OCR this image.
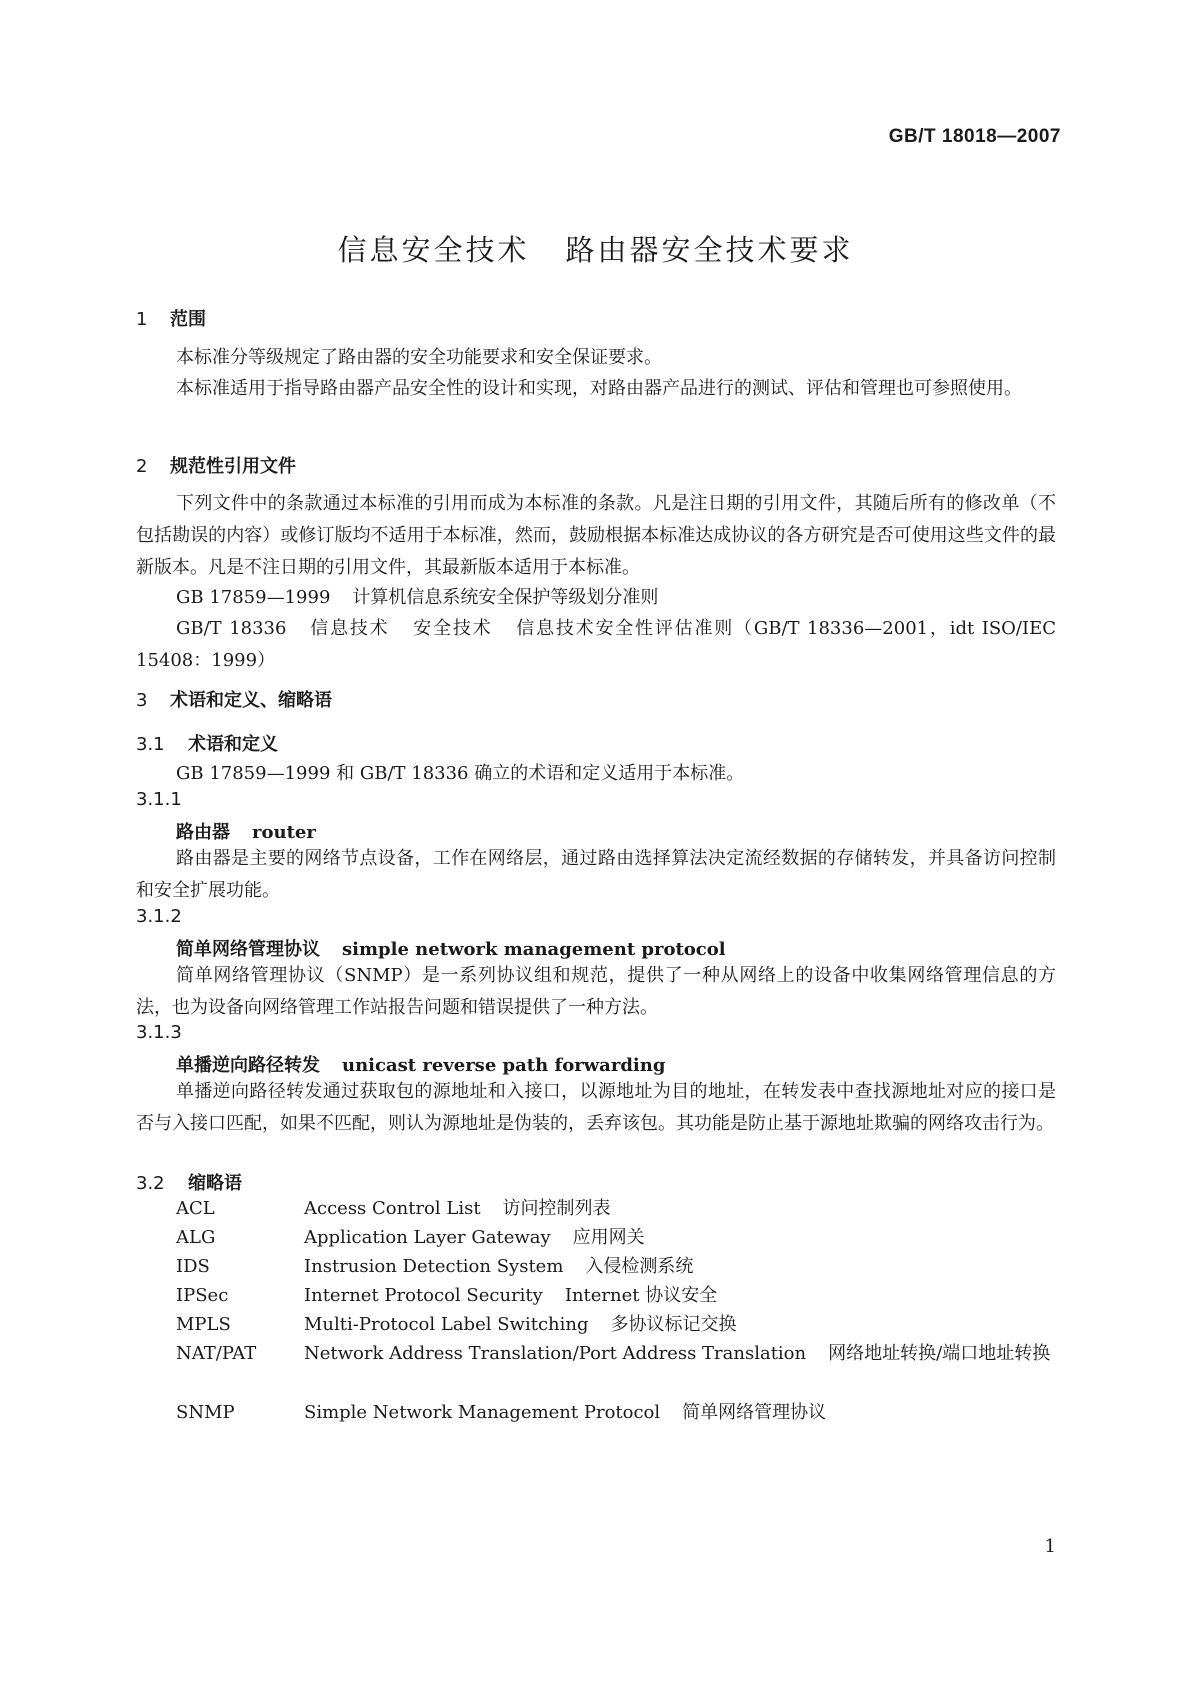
GB/T 18018—2007
信息安全技术 路由器安全技术要求
1 范围
本标准分等级规定了路由器的安全功能要求和安全保证要求。
本标准适用于指导路由器产品安全性的设计和实现，对路由器产品进行的测试、评估和管理也可参照使用。
2 规范性引用文件
下列文件中的条款通过本标准的引用而成为本标准的条款。凡是注日期的引用文件，其随后所有的修改单（不包括勘误的内容）或修订版均不适用于本标准，然而，鼓励根据本标准达成协议的各方研究是否可使用这些文件的最新版本。凡是不注日期的引用文件，其最新版本适用于本标准。
GB 17859—1999 计算机信息系统安全保护等级划分准则
GB/T 18336 信息技术 安全技术 信息技术安全性评估准则（GB/T 18336—2001，idt ISO/IEC 15408：1999）
3 术语和定义、缩略语
3.1 术语和定义
GB 17859—1999 和 GB/T 18336 确立的术语和定义适用于本标准。
3.1.1
路由器 router
路由器是主要的网络节点设备，工作在网络层，通过路由选择算法决定流经数据的存储转发，并具备访问控制和安全扩展功能。
3.1.2
简单网络管理协议 simple network management protocol
简单网络管理协议（SNMP）是一系列协议组和规范，提供了一种从网络上的设备中收集网络管理信息的方法，也为设备向网络管理工作站报告问题和错误提供了一种方法。
3.1.3
单播逆向路径转发 unicast reverse path forwarding
单播逆向路径转发通过获取包的源地址和入接口，以源地址为目的地址，在转发表中查找源地址对应的接口是否与入接口匹配，如果不匹配，则认为源地址是伪装的，丢弃该包。其功能是防止基于源地址欺骗的网络攻击行为。
3.2 缩略语
ACL	Access Control List 访问控制列表
ALG	Application Layer Gateway 应用网关
IDS	Instrusion Detection System 入侵检测系统
IPSec	Internet Protocol Security Internet 协议安全
MPLS	Multi-Protocol Label Switching 多协议标记交换
NAT/PAT	Network Address Translation/Port Address Translation 网络地址转换/端口地址转换
SNMP	Simple Network Management Protocol 简单网络管理协议
1
